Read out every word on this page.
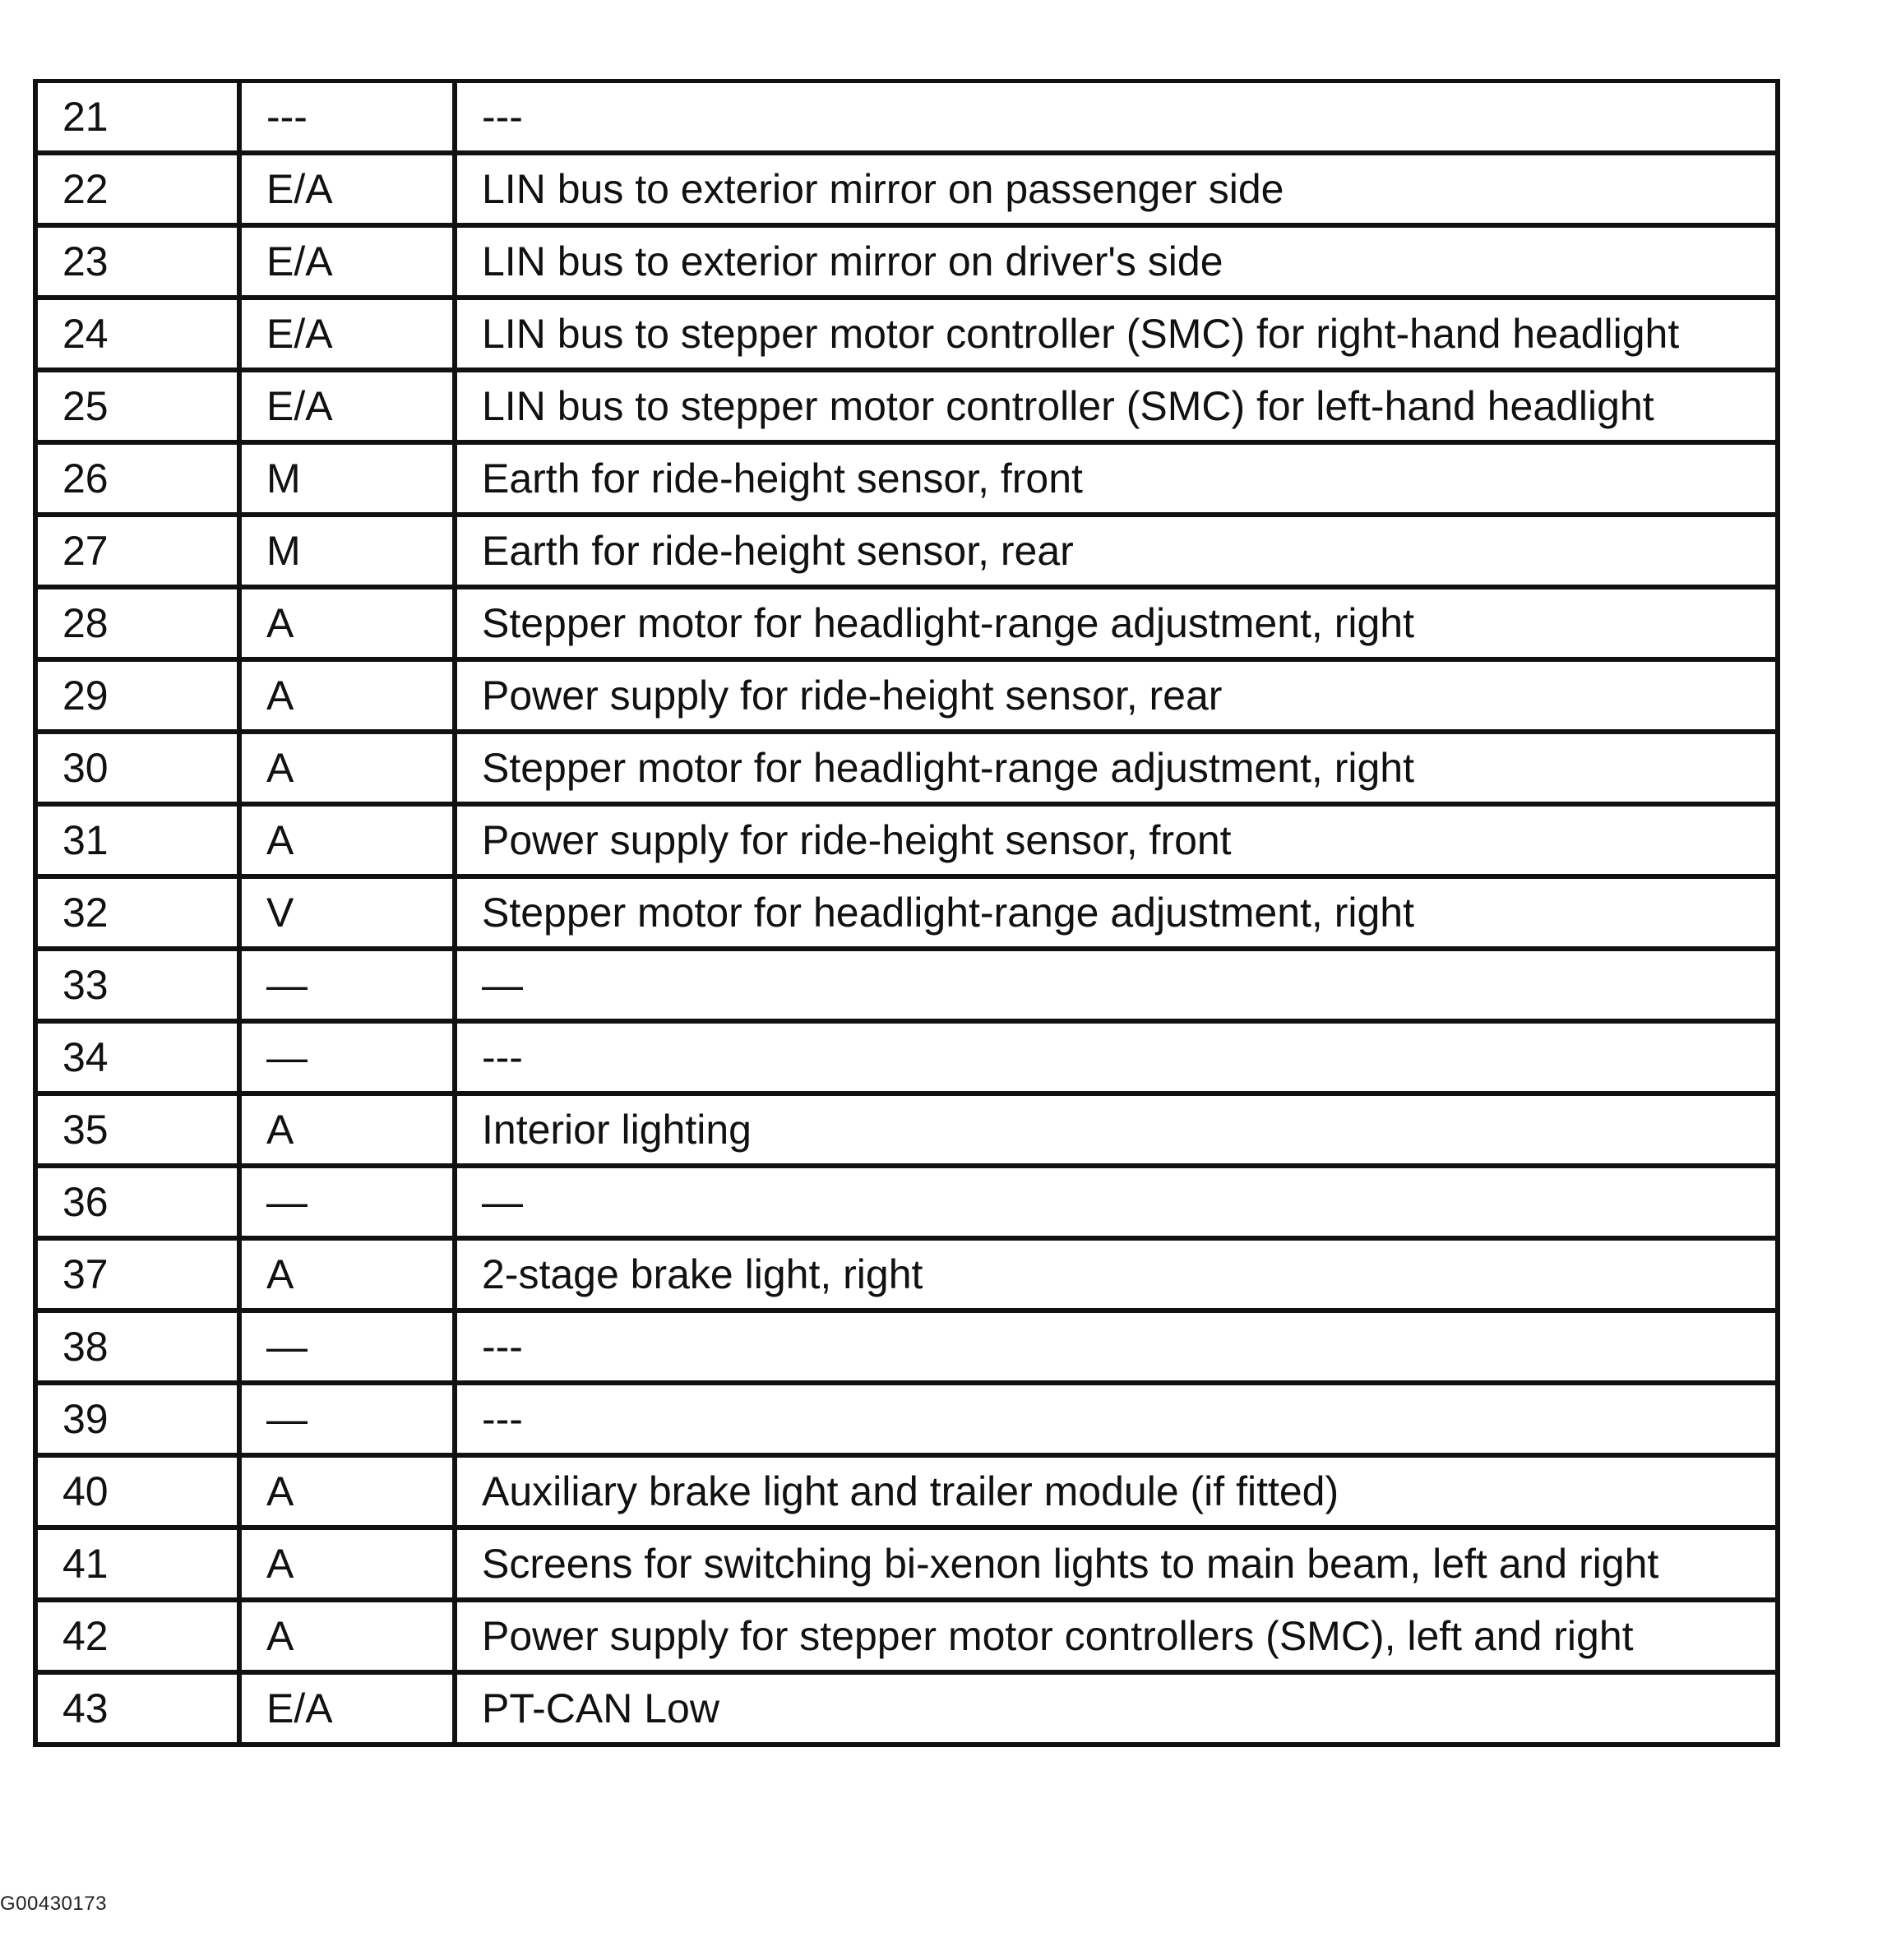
21	---	---
22	E/A	LIN bus to exterior mirror on passenger side
23	E/A	LIN bus to exterior mirror on driver's side
24	E/A	LIN bus to stepper motor controller (SMC) for right-hand headlight
25	E/A	LIN bus to stepper motor controller (SMC) for left-hand headlight
26	M	Earth for ride-height sensor, front
27	M	Earth for ride-height sensor, rear
28	A	Stepper motor for headlight-range adjustment, right
29	A	Power supply for ride-height sensor, rear
30	A	Stepper motor for headlight-range adjustment, right
31	A	Power supply for ride-height sensor, front
32	V	Stepper motor for headlight-range adjustment, right
33	—	—
34	—	---
35	A	Interior lighting
36	—	—
37	A	2-stage brake light, right
38	—	---
39	—	---
40	A	Auxiliary brake light and trailer module (if fitted)
41	A	Screens for switching bi-xenon lights to main beam, left and right
42	A	Power supply for stepper motor controllers (SMC), left and right
43	E/A	PT-CAN Low
G00430173
